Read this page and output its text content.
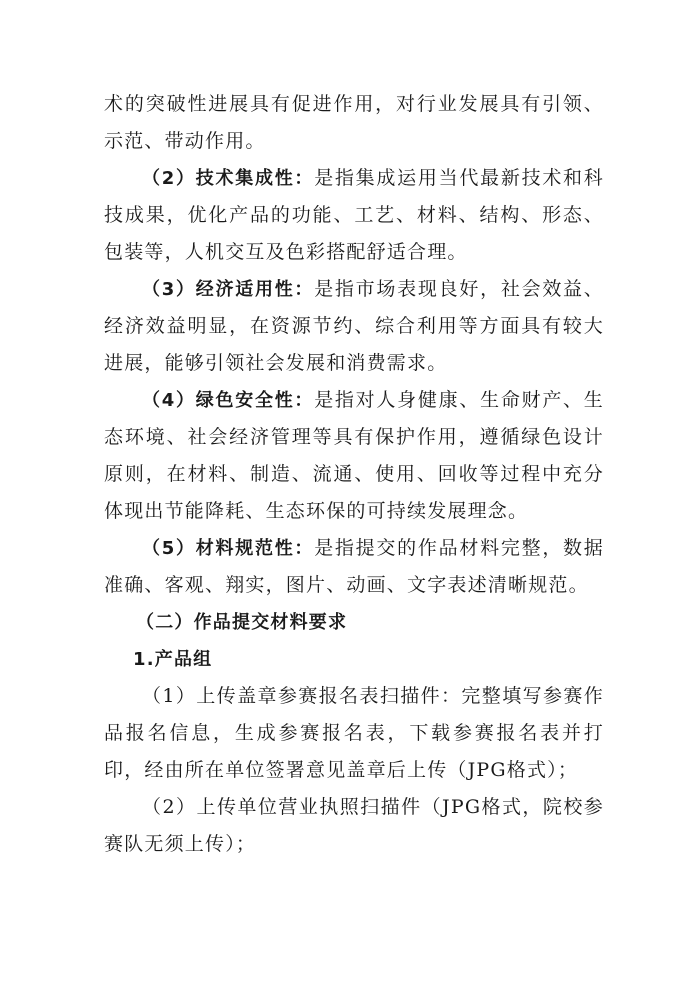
术的突破性进展具有促进作用，对行业发展具有引领、示范、带动作用。

（2）技术集成性：是指集成运用当代最新技术和科技成果，优化产品的功能、工艺、材料、结构、形态、包装等，人机交互及色彩搭配舒适合理。

（3）经济适用性：是指市场表现良好，社会效益、经济效益明显，在资源节约、综合利用等方面具有较大进展，能够引领社会发展和消费需求。

（4）绿色安全性：是指对人身健康、生命财产、生态环境、社会经济管理等具有保护作用，遵循绿色设计原则，在材料、制造、流通、使用、回收等过程中充分体现出节能降耗、生态环保的可持续发展理念。

（5）材料规范性：是指提交的作品材料完整，数据准确、客观、翔实，图片、动画、文字表述清晰规范。

（二）作品提交材料要求

1.产品组

（1）上传盖章参赛报名表扫描件：完整填写参赛作品报名信息，生成参赛报名表，下载参赛报名表并打印，经由所在单位签署意见盖章后上传（JPG格式）；

（2）上传单位营业执照扫描件（JPG格式，院校参赛队无须上传）；
